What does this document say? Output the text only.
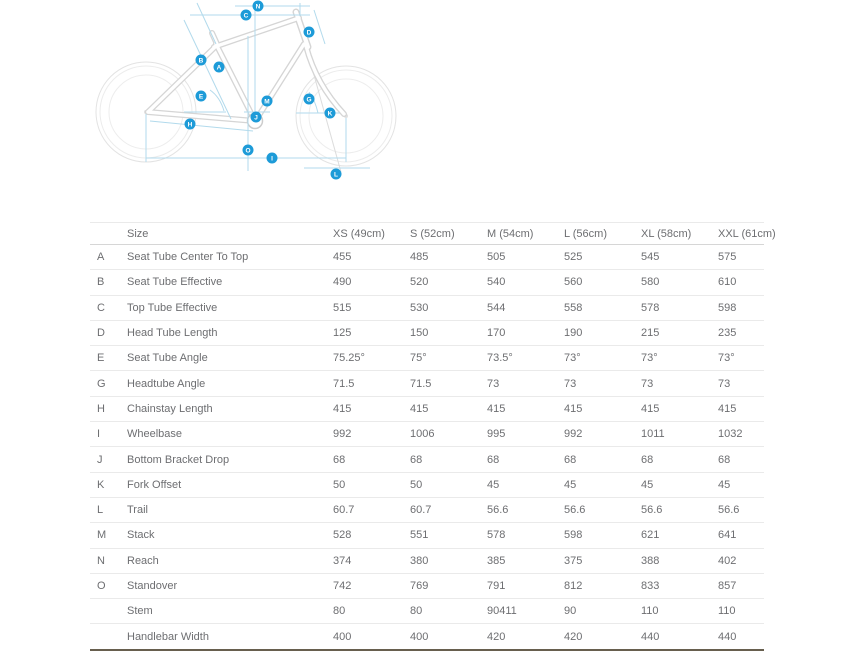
N
C
D
B
A
E	G
M
K
J
H
O
I
L
	Size	XS (49cm)	S (52cm)	M (54cm)	L (56cm)	XL (58cm)	XXL (61cm)
A	Seat Tube Center To Top	455	485	505	525	545	575
B	Seat Tube Effective	490	520	540	560	580	610
C	Top Tube Effective	515	530	544	558	578	598
D	Head Tube Length	125	150	170	190	215	235
E	Seat Tube Angle	75.25°	75°	73.5°	73°	73°	73°
G	Headtube Angle	71.5	71.5	73	73	73	73
H	Chainstay Length	415	415	415	415	415	415
I	Wheelbase	992	1006	995	992	1011	1032
J	Bottom Bracket Drop	68	68	68	68	68	68
K	Fork Offset	50	50	45	45	45	45
L	Trail	60.7	60.7	56.6	56.6	56.6	56.6
M	Stack	528	551	578	598	621	641
N	Reach	374	380	385	375	388	402
O	Standover	742	769	791	812	833	857
	Stem	80	80	90411	90	110	110
	Handlebar Width	400	400	420	420	440	440
